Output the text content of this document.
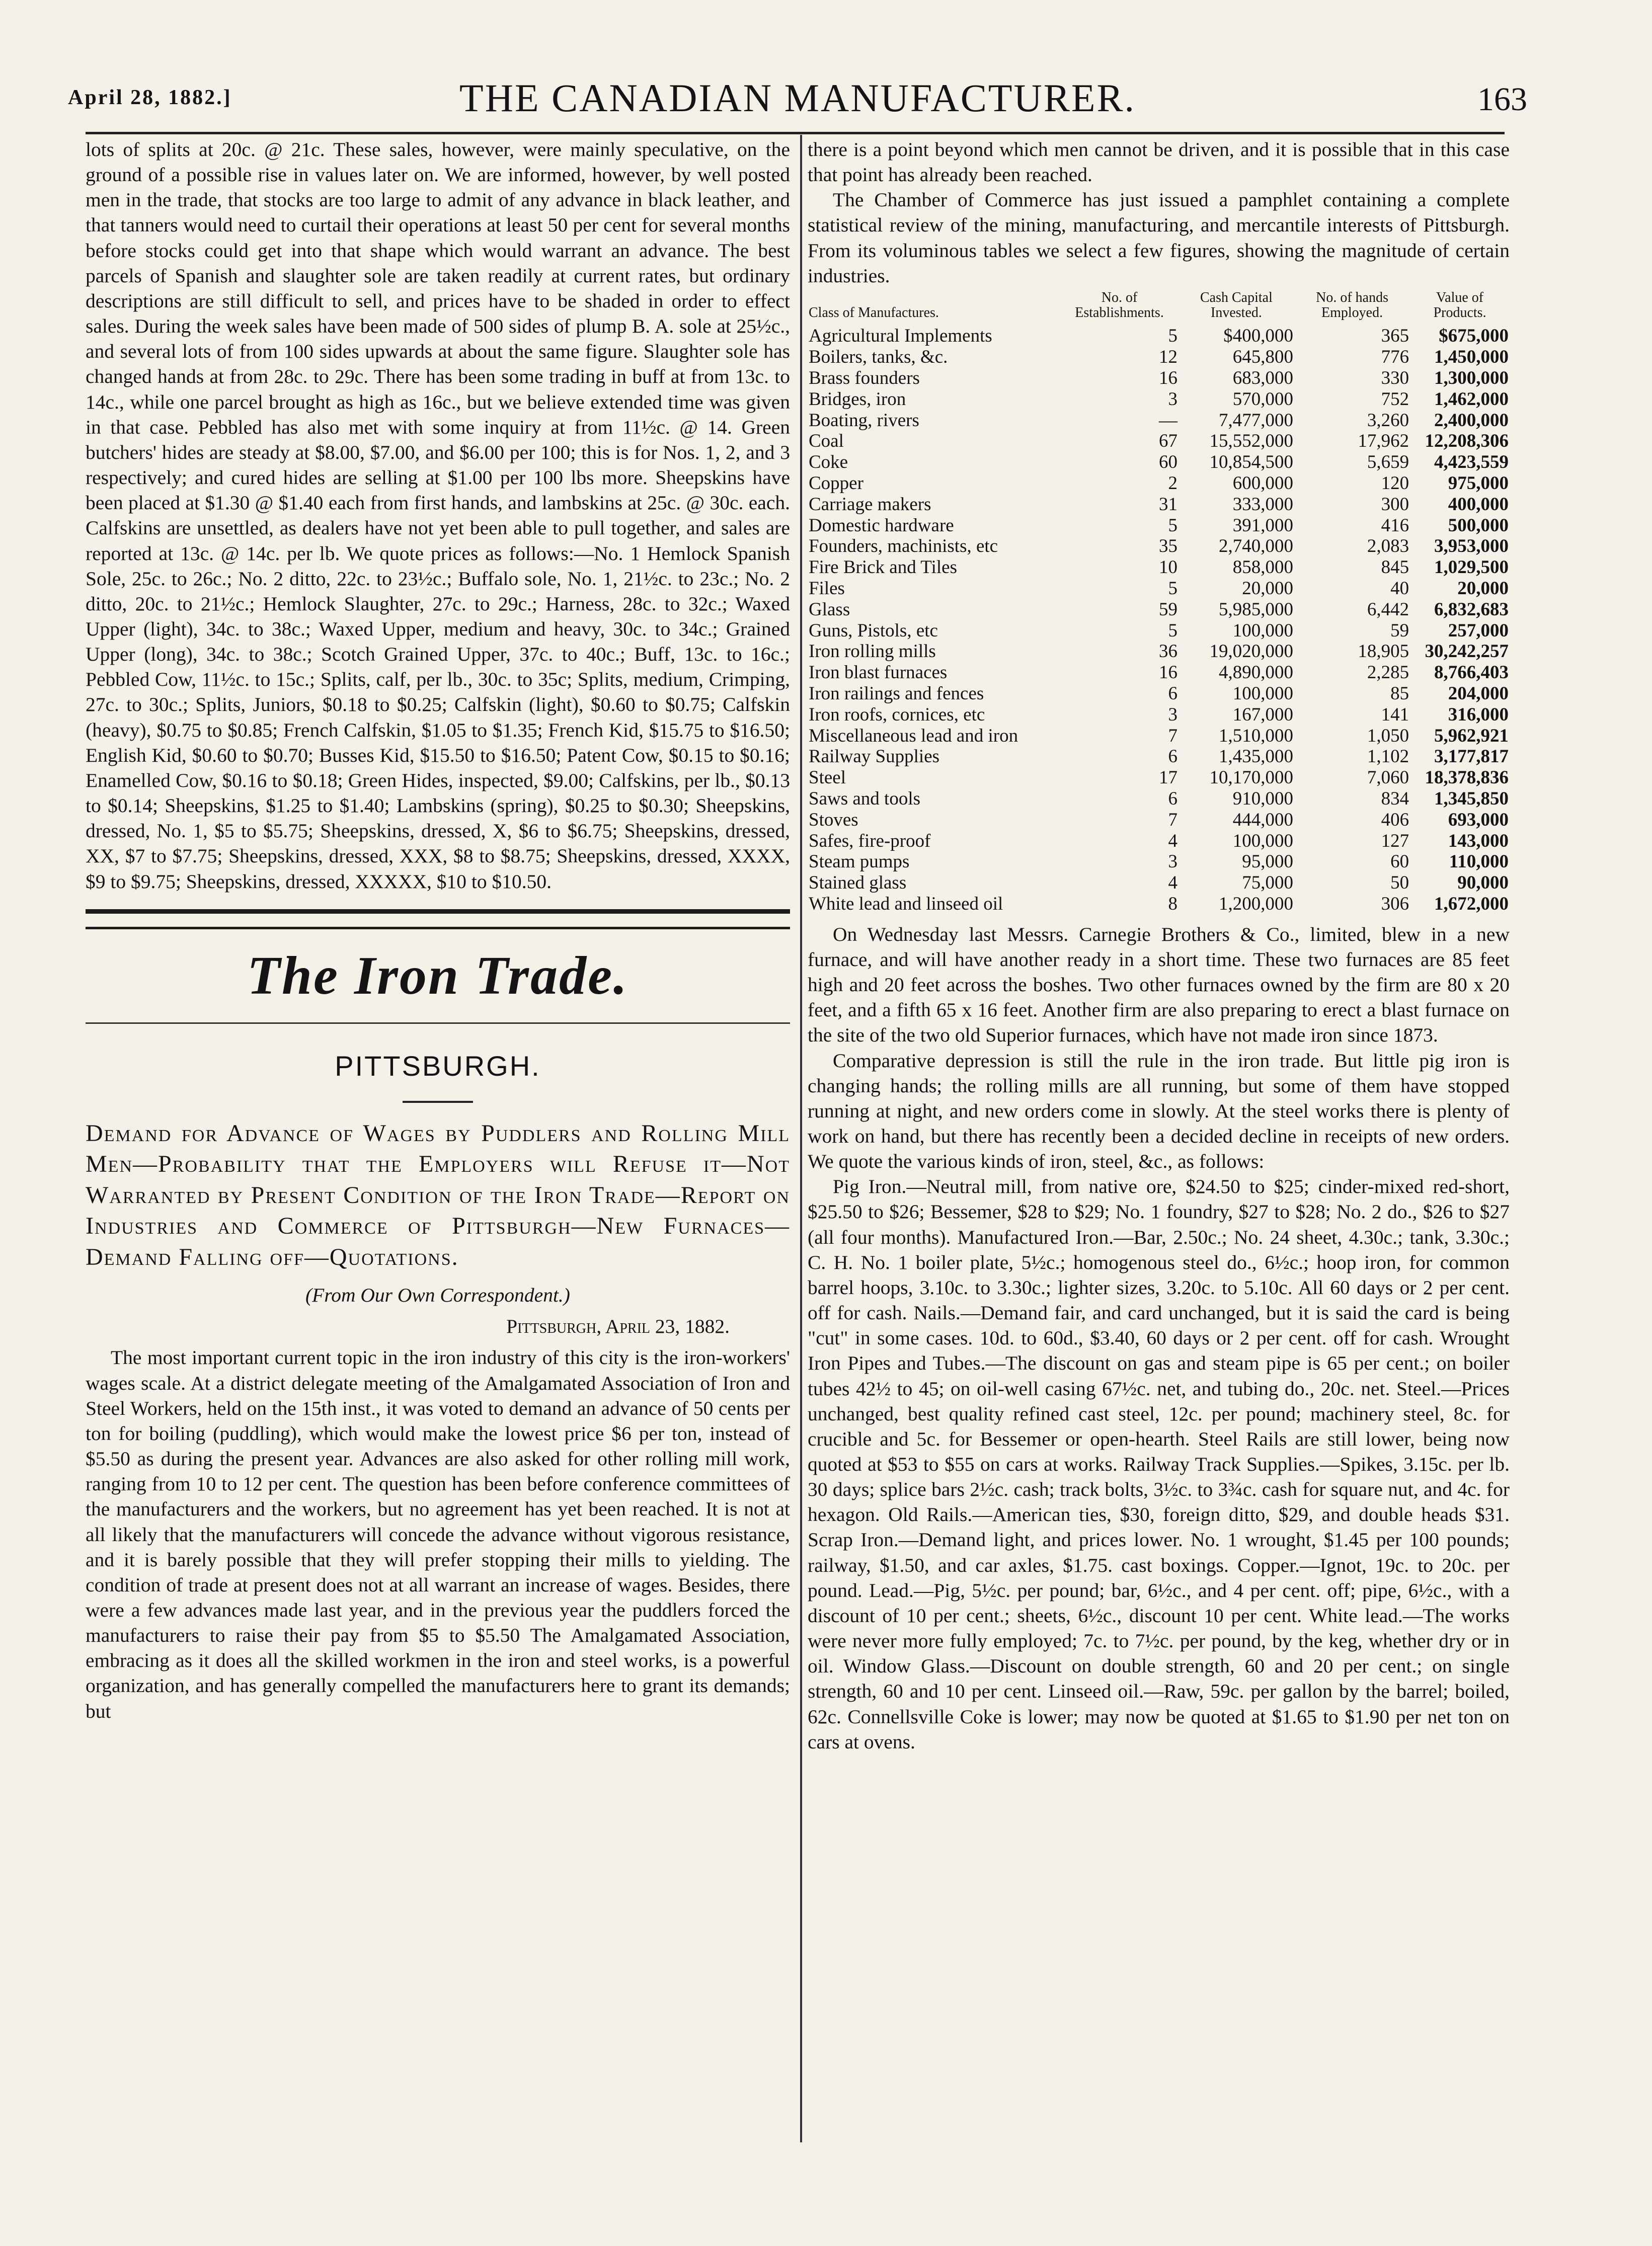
April 28, 1882.]	THE CANADIAN MANUFACTURER.	163

lots of splits at 20c. @ 21c. These sales, however, were mainly speculative, on the ground of a possible rise in values later on. We are informed, however, by well posted men in the trade, that stocks are too large to admit of any advance in black leather, and that tanners would need to curtail their operations at least 50 per cent for several months before stocks could get into that shape which would warrant an advance. The best parcels of Spanish and slaughter sole are taken readily at current rates, but ordinary descriptions are still difficult to sell, and prices have to be shaded in order to effect sales. During the week sales have been made of 500 sides of plump B. A. sole at 25½c., and several lots of from 100 sides upwards at about the same figure. Slaughter sole has changed hands at from 28c. to 29c. There has been some trading in buff at from 13c. to 14c., while one parcel brought as high as 16c., but we believe extended time was given in that case. Pebbled has also met with some inquiry at from 11½c. @ 14. Green butchers' hides are steady at $8.00, $7.00, and $6.00 per 100; this is for Nos. 1, 2, and 3 respectively; and cured hides are selling at $1.00 per 100 lbs more. Sheepskins have been placed at $1.30 @ $1.40 each from first hands, and lambskins at 25c. @ 30c. each. Calfskins are unsettled, as dealers have not yet been able to pull together, and sales are reported at 13c. @ 14c. per lb. We quote prices as follows:—No. 1 Hemlock Spanish Sole, 25c. to 26c.; No. 2 ditto, 22c. to 23½c.; Buffalo sole, No. 1, 21½c. to 23c.; No. 2 ditto, 20c. to 21½c.; Hemlock Slaughter, 27c. to 29c.; Harness, 28c. to 32c.; Waxed Upper (light), 34c. to 38c.; Waxed Upper, medium and heavy, 30c. to 34c.; Grained Upper (long), 34c. to 38c.; Scotch Grained Upper, 37c. to 40c.; Buff, 13c. to 16c.; Pebbled Cow, 11½c. to 15c.; Splits, calf, per lb., 30c. to 35c; Splits, medium, Crimping, 27c. to 30c.; Splits, Juniors, $0.18 to $0.25; Calfskin (light), $0.60 to $0.75; Calfskin (heavy), $0.75 to $0.85; French Calfskin, $1.05 to $1.35; French Kid, $15.75 to $16.50; English Kid, $0.60 to $0.70; Busses Kid, $15.50 to $16.50; Patent Cow, $0.15 to $0.16; Enamelled Cow, $0.16 to $0.18; Green Hides, inspected, $9.00; Calfskins, per lb., $0.13 to $0.14; Sheepskins, $1.25 to $1.40; Lambskins (spring), $0.25 to $0.30; Sheepskins, dressed, No. 1, $5 to $5.75; Sheepskins, dressed, X, $6 to $6.75; Sheepskins, dressed, XX, $7 to $7.75; Sheepskins, dressed, XXX, $8 to $8.75; Sheepskins, dressed, XXXX, $9 to $9.75; Sheepskins, dressed, XXXXX, $10 to $10.50.

The Iron Trade.
PITTSBURGH.
Demand for Advance of Wages by Puddlers and Rolling Mill Men—Probability that the Employers will Refuse it—Not Warranted by Present Condition of the Iron Trade—Report on Industries and Commerce of Pittsburgh—New Furnaces—Demand Falling off—Quotations.
(From Our Own Correspondent.)
Pittsburgh, April 23, 1882.

The most important current topic in the iron industry of this city is the iron-workers' wages scale. At a district delegate meeting of the Amalgamated Association of Iron and Steel Workers, held on the 15th inst., it was voted to demand an advance of 50 cents per ton for boiling (puddling), which would make the lowest price $6 per ton, instead of $5.50 as during the present year. Advances are also asked for other rolling mill work, ranging from 10 to 12 per cent. The question has been before conference committees of the manufacturers and the workers, but no agreement has yet been reached. It is not at all likely that the manufacturers will concede the advance without vigorous resistance, and it is barely possible that they will prefer stopping their mills to yielding. The condition of trade at present does not at all warrant an increase of wages. Besides, there were a few advances made last year, and in the previous year the puddlers forced the manufacturers to raise their pay from $5 to $5.50 The Amalgamated Association, embracing as it does all the skilled workmen in the iron and steel works, is a powerful organization, and has generally compelled the manufacturers here to grant its demands; but

there is a point beyond which men cannot be driven, and it is possible that in this case that point has already been reached.

The Chamber of Commerce has just issued a pamphlet containing a complete statistical review of the mining, manufacturing, and mercantile interests of Pittsburgh. From its voluminous tables we select a few figures, showing the magnitude of certain industries.

Class of Manufactures.	No. of Establishments.	Cash Capital Invested.	No. of hands Employed.	Value of Products.
Agricultural Implements	5	$400,000	365	$675,000
Boilers, tanks, &c.	12	645,800	776	1,450,000
Brass founders	16	683,000	330	1,300,000
Bridges, iron	3	570,000	752	1,462,000
Boating, rivers	—	7,477,000	3,260	2,400,000
Coal	67	15,552,000	17,962	12,208,306
Coke	60	10,854,500	5,659	4,423,559
Copper	2	600,000	120	975,000
Carriage makers	31	333,000	300	400,000
Domestic hardware	5	391,000	416	500,000
Founders, machinists, etc	35	2,740,000	2,083	3,953,000
Fire Brick and Tiles	10	858,000	845	1,029,500
Files	5	20,000	40	20,000
Glass	59	5,985,000	6,442	6,832,683
Guns, Pistols, etc	5	100,000	59	257,000
Iron rolling mills	36	19,020,000	18,905	30,242,257
Iron blast furnaces	16	4,890,000	2,285	8,766,403
Iron railings and fences	6	100,000	85	204,000
Iron roofs, cornices, etc	3	167,000	141	316,000
Miscellaneous lead and iron	7	1,510,000	1,050	5,962,921
Railway Supplies	6	1,435,000	1,102	3,177,817
Steel	17	10,170,000	7,060	18,378,836
Saws and tools	6	910,000	834	1,345,850
Stoves	7	444,000	406	693,000
Safes, fire-proof	4	100,000	127	143,000
Steam pumps	3	95,000	60	110,000
Stained glass	4	75,000	50	90,000
White lead and linseed oil	8	1,200,000	306	1,672,000

On Wednesday last Messrs. Carnegie Brothers & Co., limited, blew in a new furnace, and will have another ready in a short time. These two furnaces are 85 feet high and 20 feet across the boshes. Two other furnaces owned by the firm are 80 x 20 feet, and a fifth 65 x 16 feet. Another firm are also preparing to erect a blast furnace on the site of the two old Superior furnaces, which have not made iron since 1873.

Comparative depression is still the rule in the iron trade. But little pig iron is changing hands; the rolling mills are all running, but some of them have stopped running at night, and new orders come in slowly. At the steel works there is plenty of work on hand, but there has recently been a decided decline in receipts of new orders. We quote the various kinds of iron, steel, &c., as follows:

Pig Iron.—Neutral mill, from native ore, $24.50 to $25; cinder-mixed red-short, $25.50 to $26; Bessemer, $28 to $29; No. 1 foundry, $27 to $28; No. 2 do., $26 to $27 (all four months). Manufactured Iron.—Bar, 2.50c.; No. 24 sheet, 4.30c.; tank, 3.30c.; C. H. No. 1 boiler plate, 5½c.; homogenous steel do., 6½c.; hoop iron, for common barrel hoops, 3.10c. to 3.30c.; lighter sizes, 3.20c. to 5.10c. All 60 days or 2 per cent. off for cash. Nails.—Demand fair, and card unchanged, but it is said the card is being "cut" in some cases. 10d. to 60d., $3.40, 60 days or 2 per cent. off for cash. Wrought Iron Pipes and Tubes.—The discount on gas and steam pipe is 65 per cent.; on boiler tubes 42½ to 45; on oil-well casing 67½c. net, and tubing do., 20c. net. Steel.—Prices unchanged, best quality refined cast steel, 12c. per pound; machinery steel, 8c. for crucible and 5c. for Bessemer or open-hearth. Steel Rails are still lower, being now quoted at $53 to $55 on cars at works. Railway Track Supplies.—Spikes, 3.15c. per lb. 30 days; splice bars 2½c. cash; track bolts, 3½c. to 3¾c. cash for square nut, and 4c. for hexagon. Old Rails.—American ties, $30, foreign ditto, $29, and double heads $31. Scrap Iron.—Demand light, and prices lower. No. 1 wrought, $1.45 per 100 pounds; railway, $1.50, and car axles, $1.75. cast boxings. Copper.—Ignot, 19c. to 20c. per pound. Lead.—Pig, 5½c. per pound; bar, 6½c., and 4 per cent. off; pipe, 6½c., with a discount of 10 per cent.; sheets, 6½c., discount 10 per cent. White lead.—The works were never more fully employed; 7c. to 7½c. per pound, by the keg, whether dry or in oil. Window Glass.—Discount on double strength, 60 and 20 per cent.; on single strength, 60 and 10 per cent. Linseed oil.—Raw, 59c. per gallon by the barrel; boiled, 62c. Connellsville Coke is lower; may now be quoted at $1.65 to $1.90 per net ton on cars at ovens.
